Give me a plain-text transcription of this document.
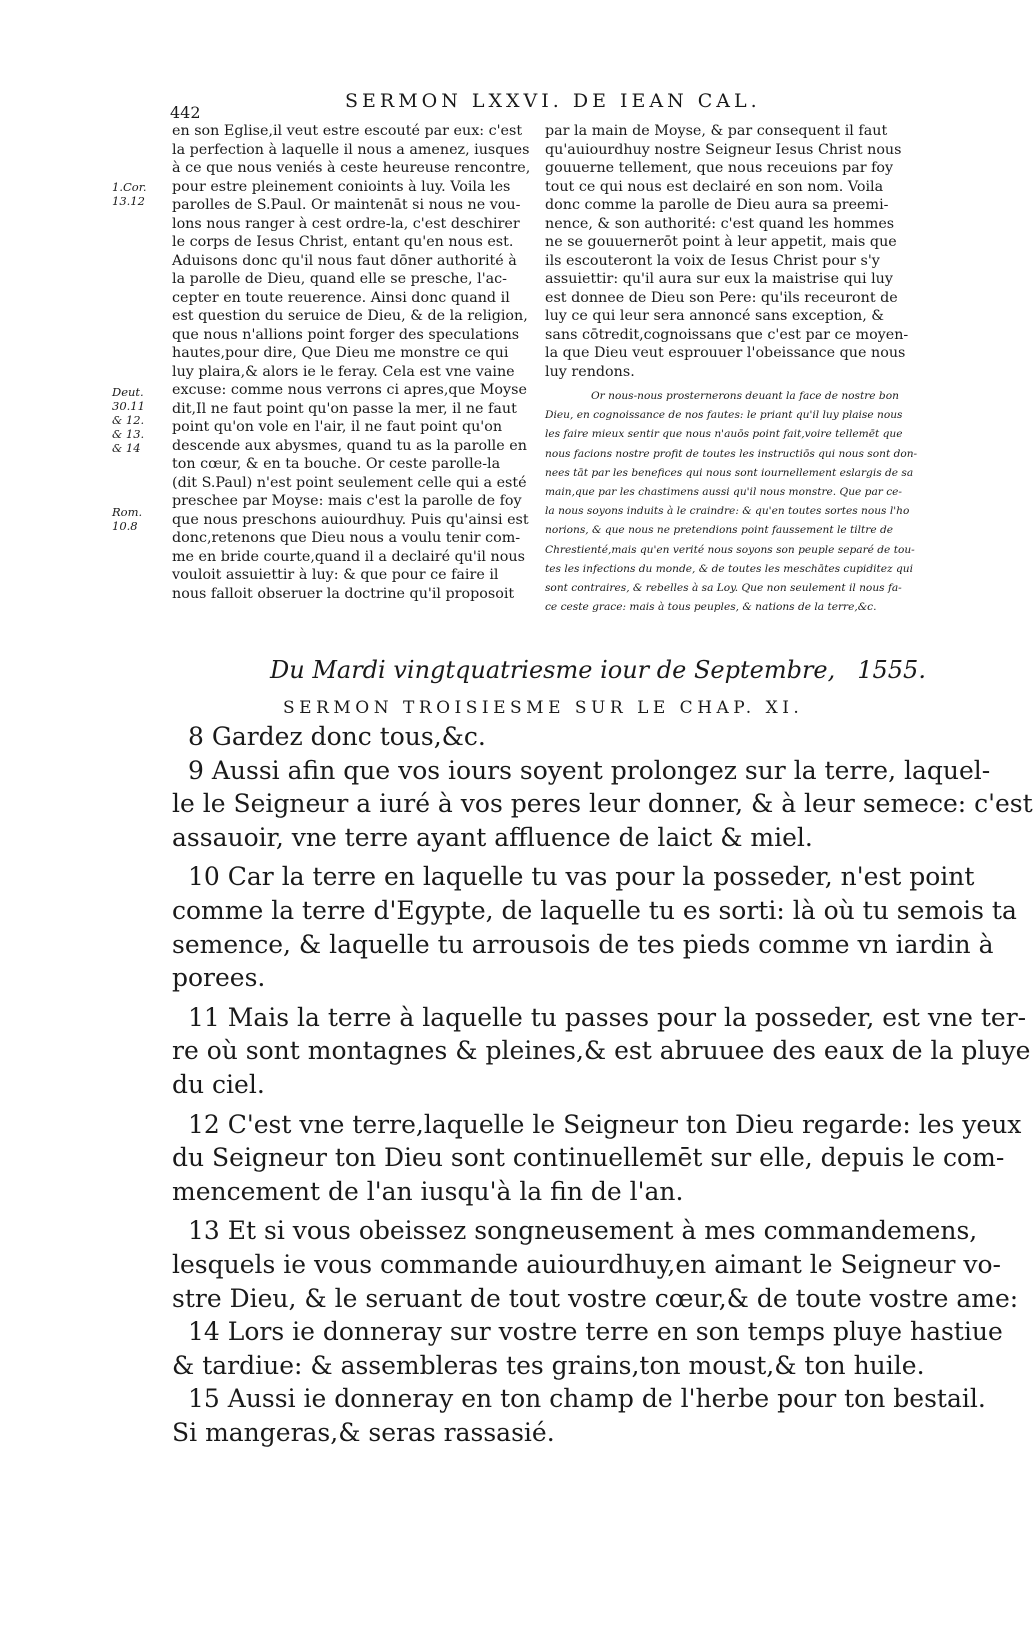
442
SERMON LXXVI. DE IEAN CAL.
1.Cor.
13.12
Deut.
30.11
& 12.
& 13.
& 14
Rom.
10.8
en son Eglise,il veut estre escouté par eux: c'est
la perfection à laquelle il nous a amenez, iusques
à ce que nous veniés à ceste heureuse rencontre,
pour estre pleinement conioints à luy. Voila les
parolles de S.Paul. Or maintenāt si nous ne vou-
lons nous ranger à cest ordre-la, c'est deschirer
le corps de Iesus Christ, entant qu'en nous est.
Aduisons donc qu'il nous faut dōner authorité à
la parolle de Dieu, quand elle se presche, l'ac-
cepter en toute reuerence. Ainsi donc quand il
est question du seruice de Dieu, & de la religion,
que nous n'allions point forger des speculations
hautes,pour dire, Que Dieu me monstre ce qui
luy plaira,& alors ie le feray. Cela est vne vaine
excuse: comme nous verrons ci apres,que Moyse
dit,Il ne faut point qu'on passe la mer, il ne faut
point qu'on vole en l'air, il ne faut point qu'on
descende aux abysmes, quand tu as la parolle en
ton cœur, & en ta bouche. Or ceste parolle-la
(dit S.Paul) n'est point seulement celle qui a esté
preschee par Moyse: mais c'est la parolle de foy
que nous preschons auiourdhuy. Puis qu'ainsi est
donc,retenons que Dieu nous a voulu tenir com-
me en bride courte,quand il a declairé qu'il nous
vouloit assuiettir à luy: & que pour ce faire il
nous falloit obseruer la doctrine qu'il proposoit
par la main de Moyse, & par consequent il faut
qu'auiourdhuy nostre Seigneur Iesus Christ nous
gouuerne tellement, que nous receuions par foy
tout ce qui nous est declairé en son nom. Voila
donc comme la parolle de Dieu aura sa preemi-
nence, & son authorité: c'est quand les hommes
ne se gouuernerōt point à leur appetit, mais que
ils escouteront la voix de Iesus Christ pour s'y
assuiettir: qu'il aura sur eux la maistrise qui luy
est donnee de Dieu son Pere: qu'ils receuront de
luy ce qui leur sera annoncé sans exception, &
sans cōtredit,cognoissans que c'est par ce moyen-
la que Dieu veut esprouuer l'obeissance que nous
luy rendons.
Or nous-nous prosternerons deuant la face de nostre bon
Dieu, en cognoissance de nos fautes: le priant qu'il luy plaise nous
les faire mieux sentir que nous n'auōs point fait,voire tellemēt que
nous facions nostre profit de toutes les instructiōs qui nous sont don-
nees tāt par les benefices qui nous sont iournellement eslargis de sa
main,que par les chastimens aussi qu'il nous monstre. Que par ce-
la nous soyons induits à le craindre: & qu'en toutes sortes nous l'ho
norions, & que nous ne pretendions point faussement le tiltre de
Chrestienté,mais qu'en verité nous soyons son peuple separé de tou-
tes les infections du monde, & de toutes les meschātes cupiditez qui
sont contraires, & rebelles à sa Loy. Que non seulement il nous fa-
ce ceste grace: mais à tous peuples, & nations de la terre,&c.
Du Mardi vingtquatriesme iour de Septembre, 1555.
SERMON TROISIESME SUR LE CHAP. XI.
8 Gardez donc tous,&c.
9 Aussi afin que vos iours soyent prolongez sur la terre, laquel-
le le Seigneur a iuré à vos peres leur donner, & à leur semece: c'est
assauoir, vne terre ayant affluence de laict & miel.
10 Car la terre en laquelle tu vas pour la posseder, n'est point
comme la terre d'Egypte, de laquelle tu es sorti: là où tu semois ta
semence, & laquelle tu arrousois de tes pieds comme vn iardin à
porees.
11 Mais la terre à laquelle tu passes pour la posseder, est vne ter-
re où sont montagnes & pleines,& est abruuee des eaux de la pluye
du ciel.
12 C'est vne terre,laquelle le Seigneur ton Dieu regarde: les yeux
du Seigneur ton Dieu sont continuellemēt sur elle, depuis le com-
mencement de l'an iusqu'à la fin de l'an.
13 Et si vous obeissez songneusement à mes commandemens,
lesquels ie vous commande auiourdhuy,en aimant le Seigneur vo-
stre Dieu, & le seruant de tout vostre cœur,& de toute vostre ame:
14 Lors ie donneray sur vostre terre en son temps pluye hastiue
& tardiue: & assembleras tes grains,ton moust,& ton huile.
15 Aussi ie donneray en ton champ de l'herbe pour ton bestail.
Si mangeras,& seras rassasié.
